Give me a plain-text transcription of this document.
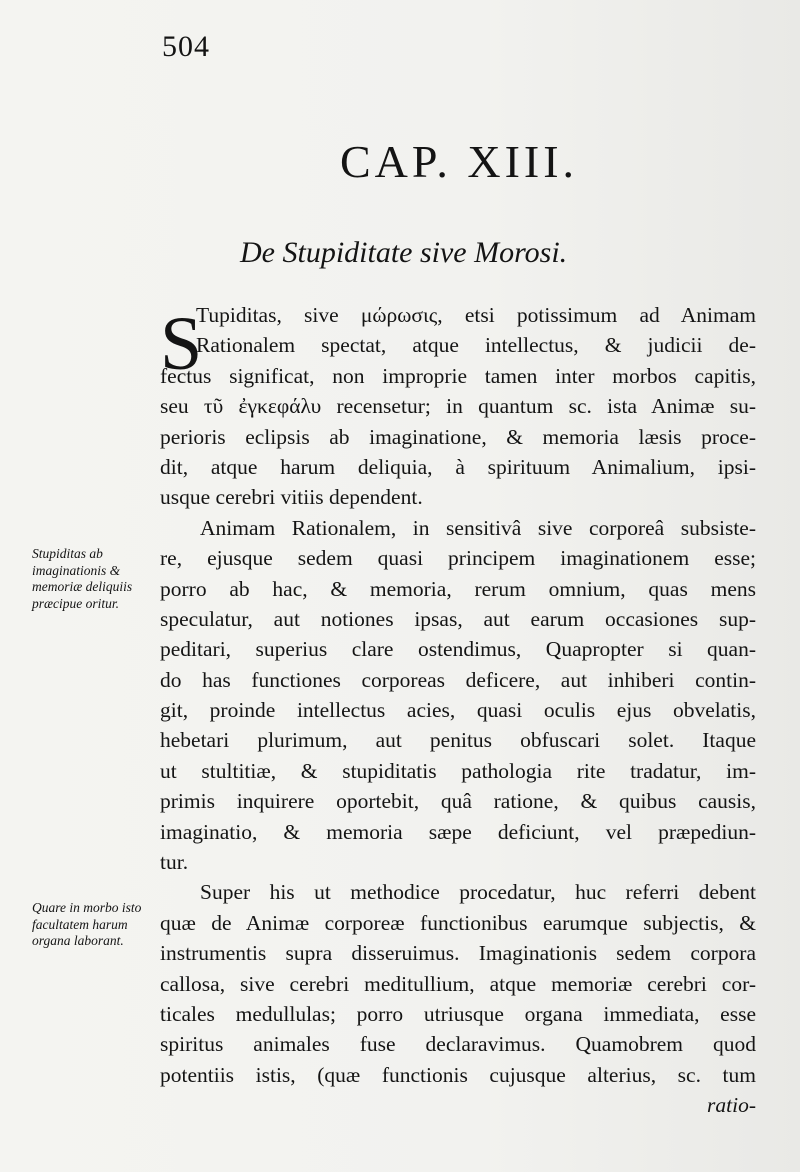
504
CAP. XIII.
De Stupiditate sive Morosi.
S
Tupiditas, sive μώρωσις, etsi potissimum ad Animam
Rationalem spectat, atque intellectus, & judicii de-
fectus significat, non improprie tamen inter morbos capitis,
seu τῦ ἐγκεφάλυ recensetur; in quantum sc. ista Animæ su-
perioris eclipsis ab imaginatione, & memoria læsis proce-
dit, atque harum deliquia, à spirituum Animalium, ipsi-
usque cerebri vitiis dependent.
Animam Rationalem, in sensitivâ sive corporeâ subsiste-
re, ejusque sedem quasi principem imaginationem esse;
porro ab hac, & memoria, rerum omnium, quas mens
speculatur, aut notiones ipsas, aut earum occasiones sup-
peditari, superius clare ostendimus, Quapropter si quan-
do has functiones corporeas deficere, aut inhiberi contin-
git, proinde intellectus acies, quasi oculis ejus obvelatis,
hebetari plurimum, aut penitus obfuscari solet. Itaque
ut stultitiæ, & stupiditatis pathologia rite tradatur, im-
primis inquirere oportebit, quâ ratione, & quibus causis,
imaginatio, & memoria sæpe deficiunt, vel præpediun-
tur.
Super his ut methodice procedatur, huc referri debent
quæ de Animæ corporeæ functionibus earumque subjectis, &
instrumentis supra disseruimus. Imaginationis sedem corpora
callosa, sive cerebri meditullium, atque memoriæ cerebri cor-
ticales medullulas; porro utriusque organa immediata, esse
spiritus animales fuse declaravimus. Quamobrem quod
potentiis istis, (quæ functionis cujusque alterius, sc. tum
ratio-
Stupiditas ab imaginationis & memoriæ deliquiis præcipue oritur.
Quare in morbo isto facultatem harum organa laborant.
